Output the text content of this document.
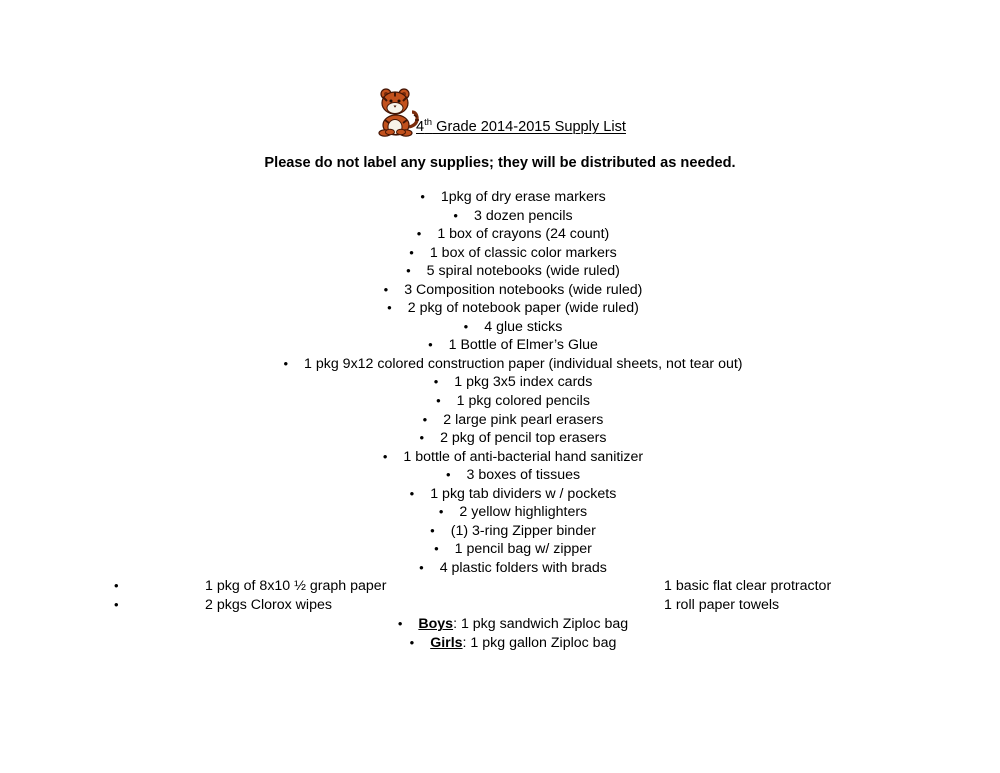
4th Grade 2014-2015 Supply List
Please do not label any supplies; they will be distributed as needed.
• 1pkg of dry erase markers
• 3 dozen pencils
• 1 box of crayons (24 count)
• 1 box of classic color markers
• 5 spiral notebooks (wide ruled)
• 3 Composition notebooks (wide ruled)
• 2 pkg of notebook paper (wide ruled)
• 4 glue sticks
• 1 Bottle of Elmer’s Glue
• 1 pkg 9x12 colored construction paper (individual sheets, not tear out)
• 1 pkg 3x5 index cards
• 1 pkg colored pencils
• 2 large pink pearl erasers
• 2 pkg of pencil top erasers
• 1 bottle of anti-bacterial hand sanitizer
• 3 boxes of tissues
• 1 pkg tab dividers w / pockets
• 2 yellow highlighters
• (1) 3-ring Zipper binder
• 1 pencil bag w/ zipper
• 4 plastic folders with brads
•	1 pkg of 8x10 ½ graph paper	1 basic flat clear protractor
•	2 pkgs Clorox wipes	1 roll paper towels
• Boys: 1 pkg sandwich Ziploc bag
• Girls: 1 pkg gallon Ziploc bag
